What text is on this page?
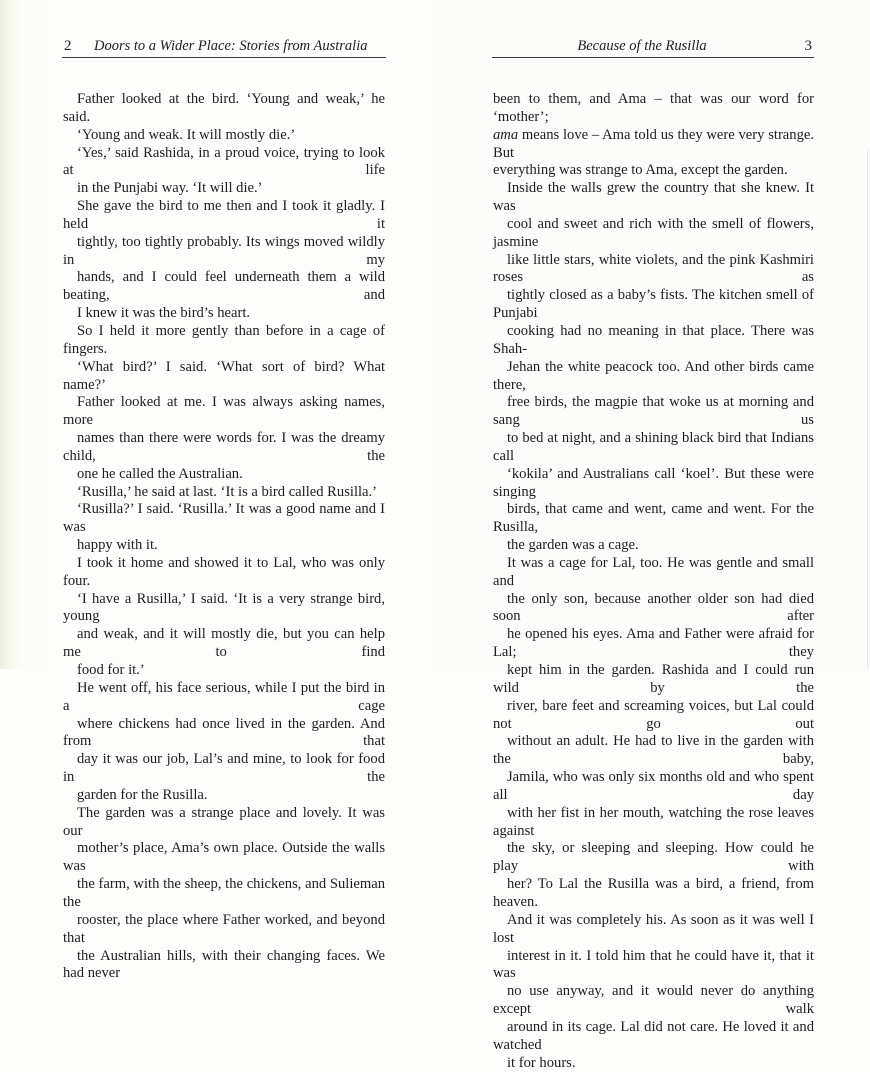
2 Doors to a Wider Place: Stories from Australia

Father looked at the bird. ‘Young and weak,’ he said.
‘Young and weak. It will mostly die.’

‘Yes,’ said Rashida, in a proud voice, trying to look at life
in the Punjabi way. ‘It will die.’

She gave the bird to me then and I took it gladly. I held it
tightly, too tightly probably. Its wings moved wildly in my
hands, and I could feel underneath them a wild beating, and
I knew it was the bird’s heart.

So I held it more gently than before in a cage of fingers.
‘What bird?’ I said. ‘What sort of bird? What name?’

Father looked at me. I was always asking names, more
names than there were words for. I was the dreamy child, the
one he called the Australian.

‘Rusilla,’ he said at last. ‘It is a bird called Rusilla.’

‘Rusilla?’ I said. ‘Rusilla.’ It was a good name and I was
happy with it.

I took it home and showed it to Lal, who was only four.

‘I have a Rusilla,’ I said. ‘It is a very strange bird, young
and weak, and it will mostly die, but you can help me to find
food for it.’

He went off, his face serious, while I put the bird in a cage
where chickens had once lived in the garden. And from that
day it was our job, Lal’s and mine, to look for food in the
garden for the Rusilla.

The garden was a strange place and lovely. It was our
mother’s place, Ama’s own place. Outside the walls was
the farm, with the sheep, the chickens, and Sulieman the
rooster, the place where Father worked, and beyond that
the Australian hills, with their changing faces. We had never

Because of the Rusilla	3

been to them, and Ama – that was our word for ‘mother’;
ama means love – Ama told us they were very strange. But
everything was strange to Ama, except the garden.

Inside the walls grew the country that she knew. It was
cool and sweet and rich with the smell of flowers, jasmine
like little stars, white violets, and the pink Kashmiri roses as
tightly closed as a baby’s fists. The kitchen smell of Punjabi
cooking had no meaning in that place. There was Shah-
Jehan the white peacock too. And other birds came there,
free birds, the magpie that woke us at morning and sang us
to bed at night, and a shining black bird that Indians call
‘kokila’ and Australians call ‘koel’. But these were singing
birds, that came and went, came and went. For the Rusilla,
the garden was a cage.

It was a cage for Lal, too. He was gentle and small and
the only son, because another older son had died soon after
he opened his eyes. Ama and Father were afraid for Lal; they
kept him in the garden. Rashida and I could run wild by the
river, bare feet and screaming voices, but Lal could not go out
without an adult. He had to live in the garden with the baby,
Jamila, who was only six months old and who spent all day
with her fist in her mouth, watching the rose leaves against
the sky, or sleeping and sleeping. How could he play with
her? To Lal the Rusilla was a bird, a friend, from heaven.

And it was completely his. As soon as it was well I lost
interest in it. I told him that he could have it, that it was
no use anyway, and it would never do anything except walk
around in its cage. Lal did not care. He loved it and watched
it for hours.
